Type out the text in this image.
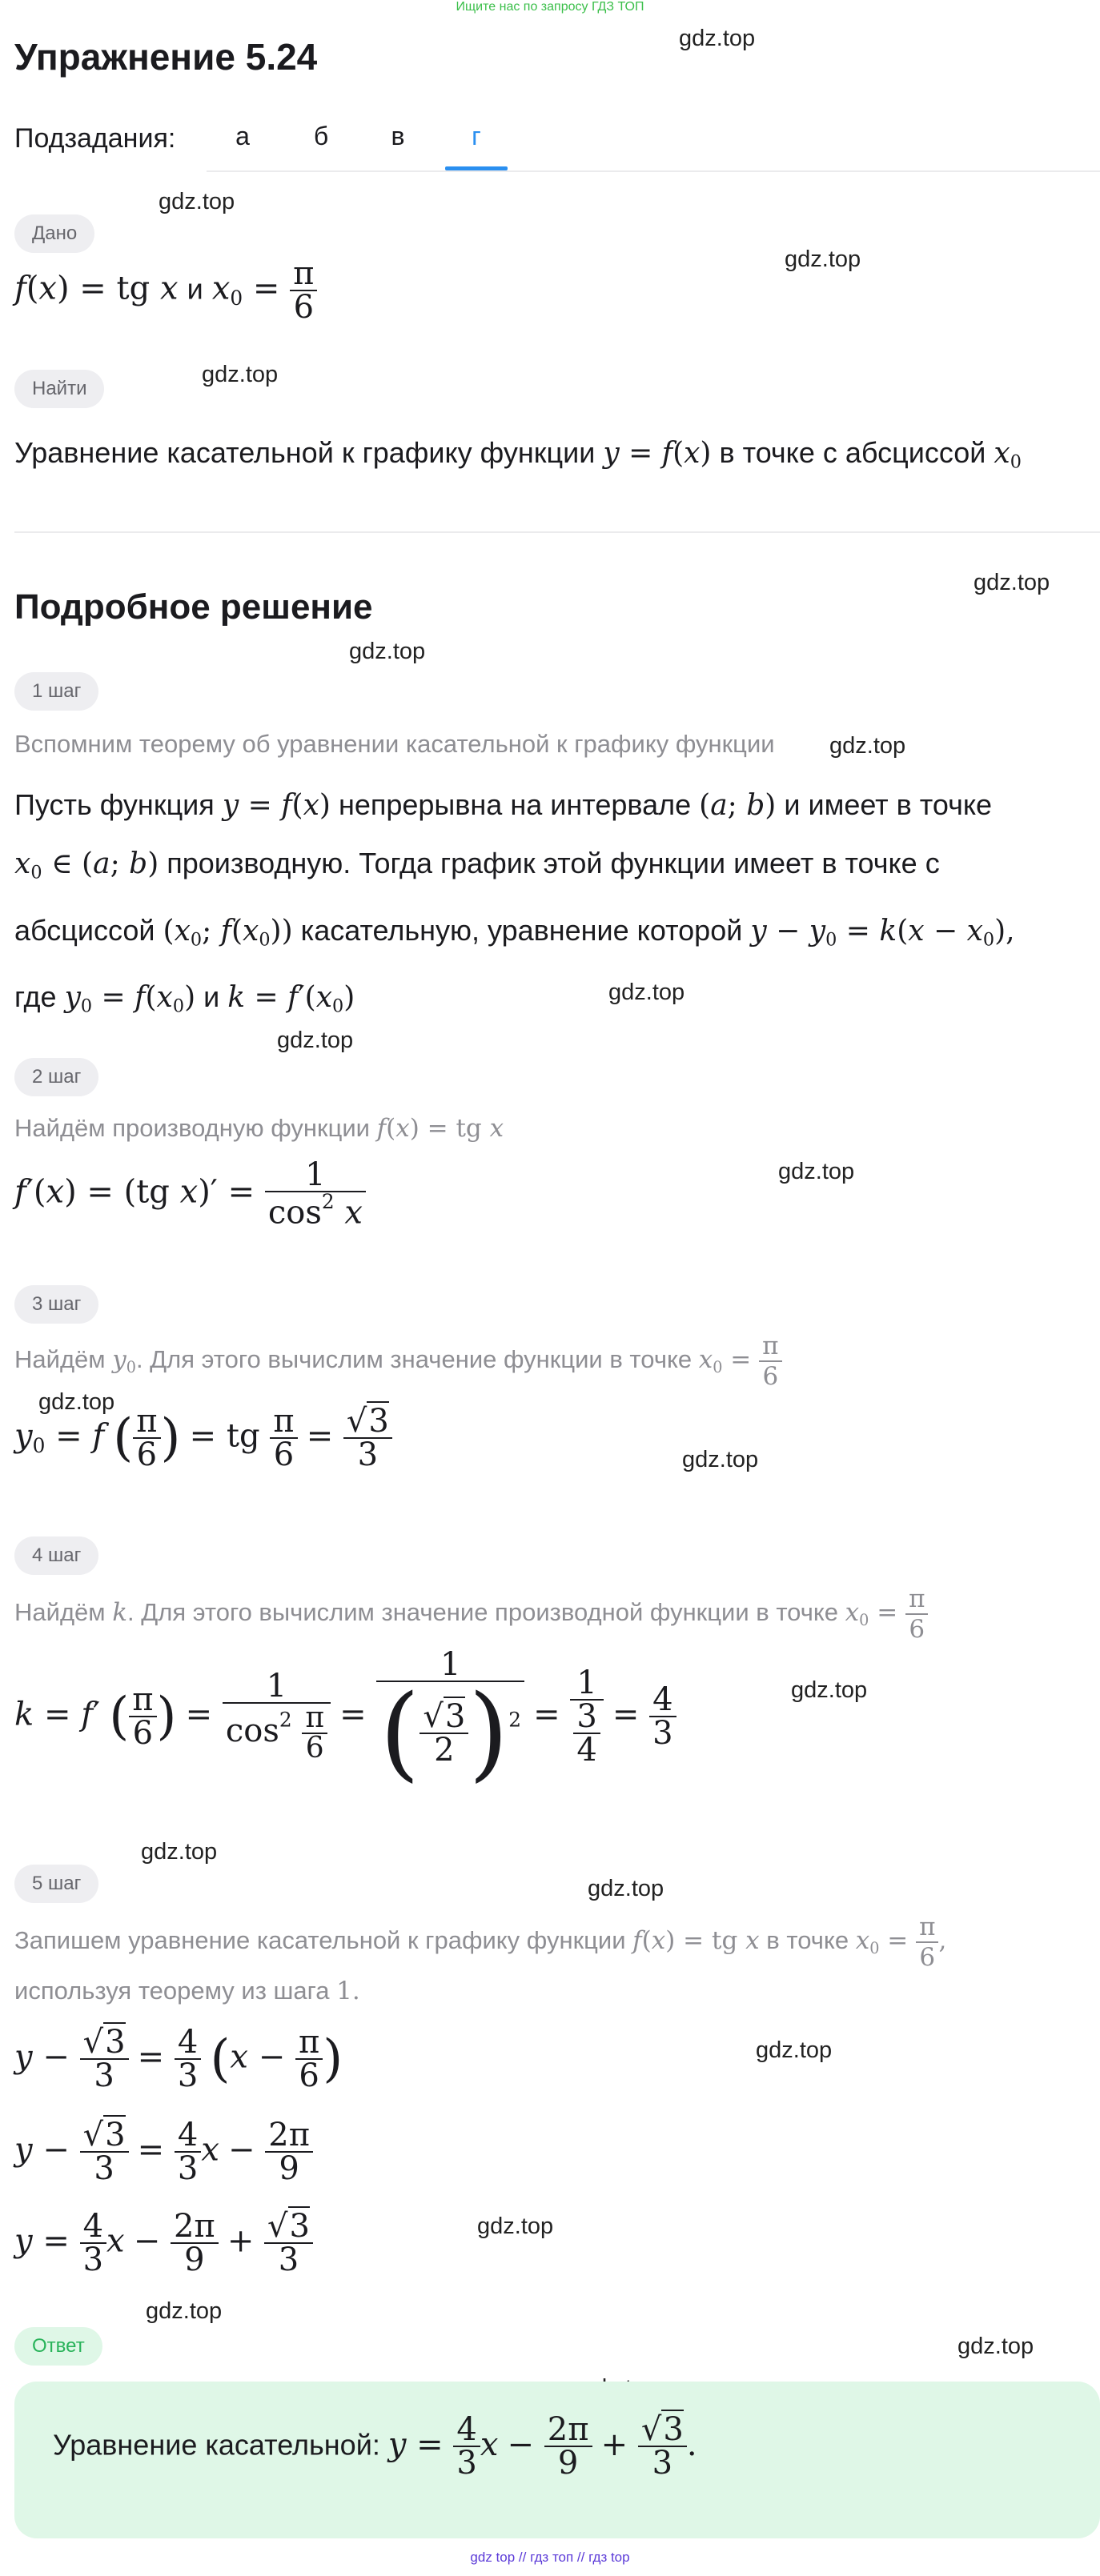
Ищите нас по запросу ГДЗ ТОП
gdz.top
gdz.top
gdz.top
gdz.top
gdz.top
gdz.top
gdz.top
gdz.top
gdz.top
gdz.top
gdz.top
gdz.top
gdz.top
gdz.top
gdz.top
gdz.top
gdz.top
gdz.top
gdz.top
Упражнение 5.24
Подзадания:	а	б	в	г
Дано
f(x) = tg x и $x_0 = \frac{\pi}{6}$
Найти
Уравнение касательной к графику функции y = f(x) в точке с абсциссой $x_0$
Подробное решение
1 шаг
Вспомним теорему об уравнении касательной к графику функции
Пусть функция y = f(x) непрерывна на интервале (a; b) и имеет в точке
$x_0$ ∈ (a; b) производную. Тогда график этой функции имеет в точке с
абсциссой ($x_0$; $f(x_0)$) касательную, уравнение которой $y - y_0 = k(x - x_0)$,
где $y_0 = f(x_0)$ и $k = f'(x_0)$
2 шаг
Найдём производную функции f(x) = tg x
f′(x) = (tg $x)' = \frac{1}{\cos^2 x}$
3 шаг
Найдём $y_0$. Для этого вычислим значение функции в точке $x_0 = \frac{\pi}{6}$
$y_0 = f$ ( $\frac{\pi}{6}$ ) = tg $\frac{\pi}{6} = \frac{√3}{3}$
4 шаг
Найдём k. Для этого вычислим значение производной функции в точке $x_0 = \frac{\pi}{6}$
k = f′ ( $\frac{\pi}{6}$ ) = $\frac{1}{\cos^2 \frac{\pi}{6}} = \frac{1}{( \frac{√3}{2} )^2} = \frac{1}{\frac{3}{4}} = \frac{4}{3}$
5 шаг
Запишем уравнение касательной к графику функции f(x) = tg x в точке $x_0 = \frac{\pi}{6}$ ,
используя теорему из шага 1.
$y - \frac{√3}{3} = \frac{4}{3} (x - \frac{\pi}{6}$ )
$y - \frac{√3}{3} = \frac{4}{3}$ $x - \frac{2\pi}{9}$
$y = \frac{4}{3}$ $x - \frac{2\pi}{9} + \frac{√3}{3}$
Ответ
Уравнение касательной: $y = \frac{4}{3}$ $x - \frac{2\pi}{9} + \frac{√3}{3}$ .
gdz top // гдз топ // гдз top
